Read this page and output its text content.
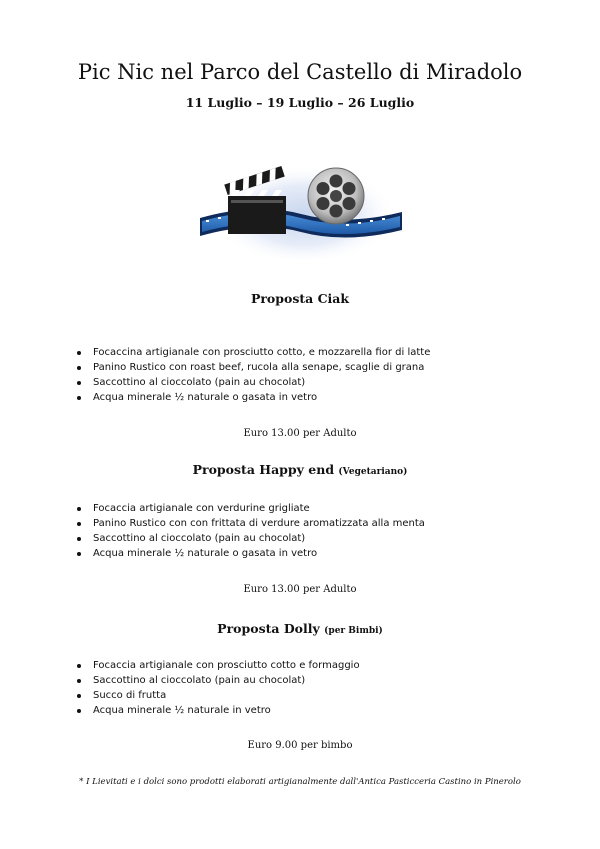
Pic Nic nel Parco del Castello di Miradolo
11 Luglio – 19 Luglio – 26 Luglio
Proposta Ciak
Focaccina artigianale con prosciutto cotto, e mozzarella fior di latte
Panino Rustico con roast beef, rucola alla senape, scaglie di grana
Saccottino al cioccolato (pain au chocolat)
Acqua minerale ½ naturale o gasata in vetro
Euro 13.00 per Adulto
Proposta Happy end (Vegetariano)
Focaccia artigianale con verdurine grigliate
Panino Rustico con con frittata di verdure aromatizzata alla menta
Saccottino al cioccolato (pain au chocolat)
Acqua minerale ½ naturale o gasata in vetro
Euro 13.00 per Adulto
Proposta Dolly (per Bimbi)
Focaccia artigianale con prosciutto cotto e formaggio
Saccottino al cioccolato (pain au chocolat)
Succo di frutta
Acqua minerale ½ naturale in vetro
Euro 9.00 per bimbo
* I Lievitati e i dolci sono prodotti elaborati artigianalmente dall'Antica Pasticceria Castino in Pinerolo
